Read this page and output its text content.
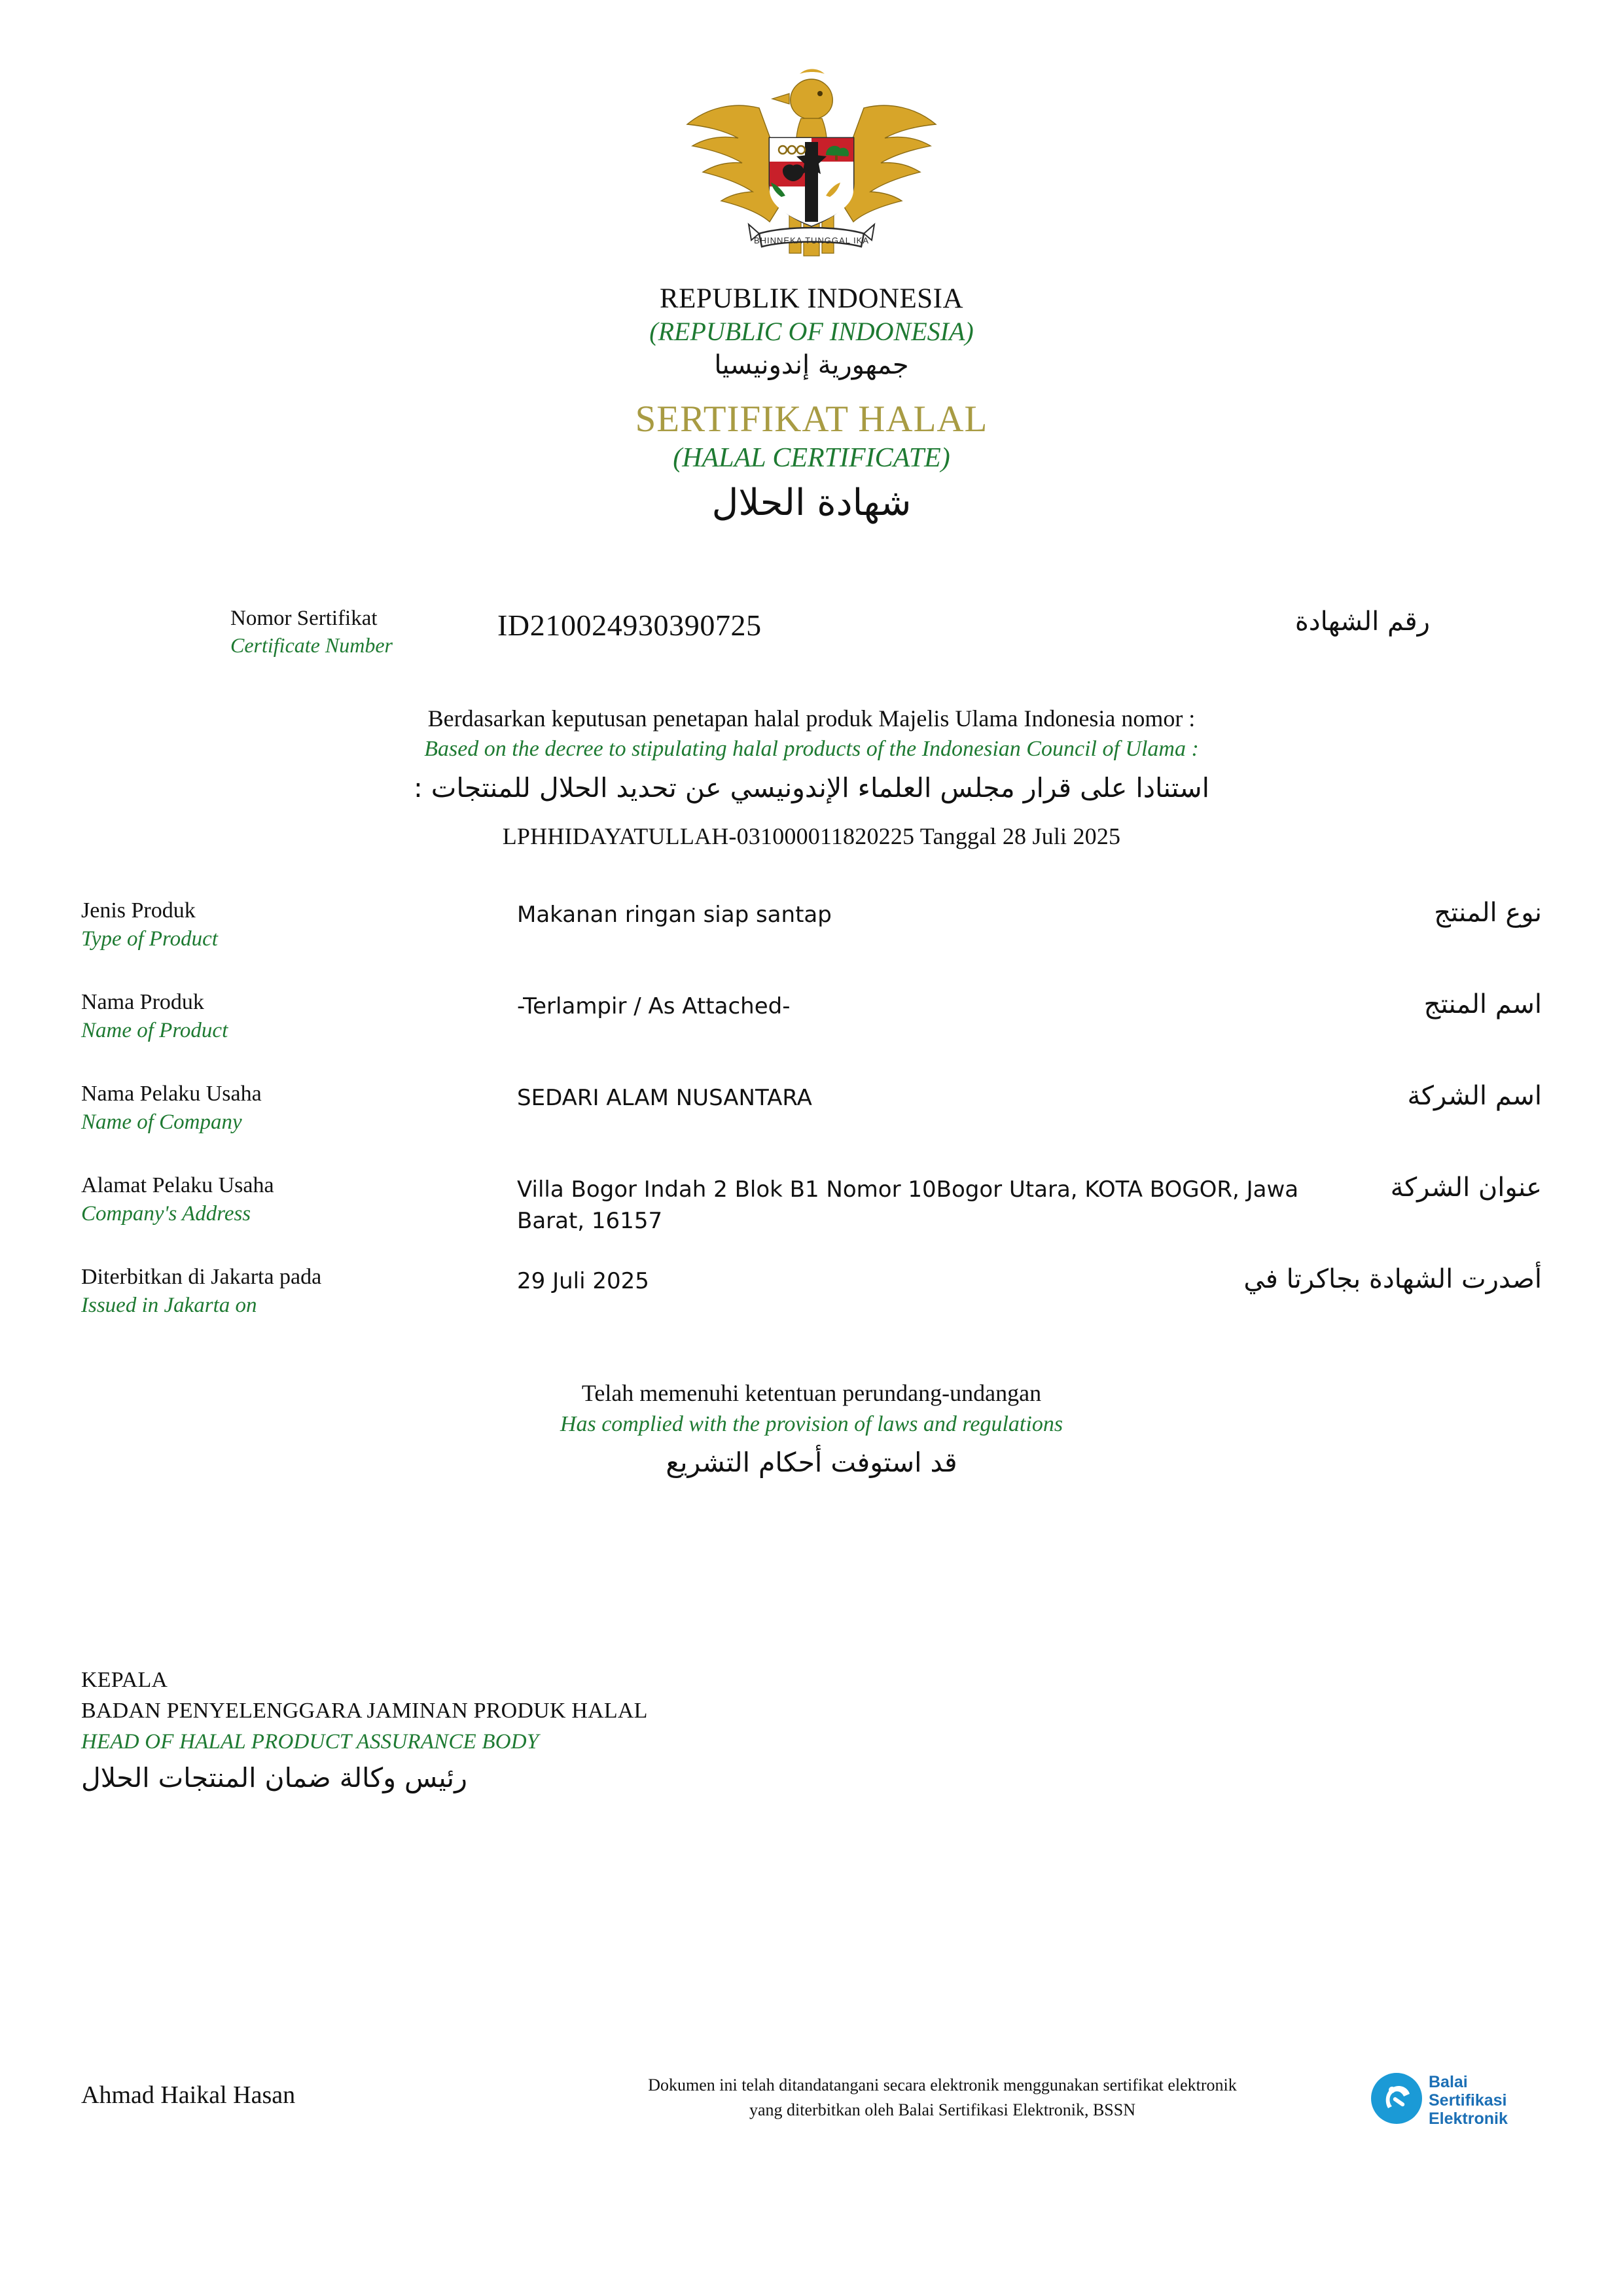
BHINNEKA TUNGGAL IKA
REPUBLIK INDONESIA
(REPUBLIC OF INDONESIA)
جمهورية إندونيسيا
SERTIFIKAT HALAL
(HALAL CERTIFICATE)
شهادة الحلال
Nomor Sertifikat
Certificate Number
ID210024930390725	رقم الشهادة
Berdasarkan keputusan penetapan halal produk Majelis Ulama Indonesia nomor :
Based on the decree to stipulating halal products of the Indonesian Council of Ulama :
استنادا على قرار مجلس العلماء الإندونيسي عن تحديد الحلال للمنتجات :
LPHHIDAYATULLAH-031000011820225 Tanggal 28 Juli 2025
Jenis Produk
Type of Product
Makanan ringan siap santap	نوع المنتج
Nama Produk
Name of Product
-Terlampir / As Attached-	اسم المنتج
Nama Pelaku Usaha
Name of Company
SEDARI ALAM NUSANTARA	اسم الشركة
Alamat Pelaku Usaha
Company's Address
Villa Bogor Indah 2 Blok B1 Nomor 10Bogor Utara, KOTA BOGOR, Jawa Barat, 16157
عنوان الشركة
Diterbitkan di Jakarta pada
Issued in Jakarta on
29 Juli 2025	أصدرت الشهادة بجاكرتا في
Telah memenuhi ketentuan perundang-undangan
Has complied with the provision of laws and regulations
قد استوفت أحكام التشريع
KEPALA
BADAN PENYELENGGARA JAMINAN PRODUK HALAL
HEAD OF HALAL PRODUCT ASSURANCE BODY
رئيس وكالة ضمان المنتجات الحلال
Ahmad Haikal Hasan	Dokumen ini telah ditandatangani secara elektronik menggunakan sertifikat elektronik
yang diterbitkan oleh Balai Sertifikasi Elektronik, BSSN
Balai
Sertifikasi
Elektronik
